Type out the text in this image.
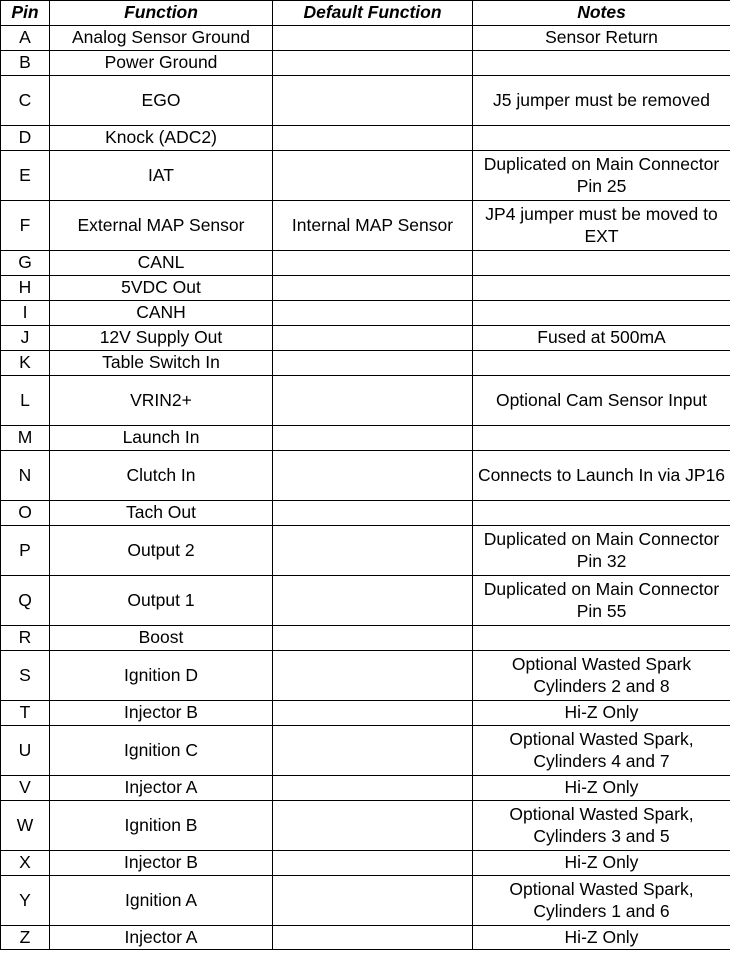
Pin	Function	Default Function	Notes
A	Analog Sensor Ground		Sensor Return
B	Power Ground		
C	EGO		J5 jumper must be removed
D	Knock (ADC2)		
E	IAT		Duplicated on Main Connector Pin 25
F	External MAP Sensor	Internal MAP Sensor	JP4 jumper must be moved to EXT
G	CANL		
H	5VDC Out		
I	CANH		
J	12V Supply Out		Fused at 500mA
K	Table Switch In		
L	VRIN2+		Optional Cam Sensor Input
M	Launch In		
N	Clutch In		Connects to Launch In via JP16
O	Tach Out		
P	Output 2		Duplicated on Main Connector Pin 32
Q	Output 1		Duplicated on Main Connector Pin 55
R	Boost		
S	Ignition D		Optional Wasted Spark Cylinders 2 and 8
T	Injector B		Hi-Z Only
U	Ignition C		Optional Wasted Spark, Cylinders 4 and 7
V	Injector A		Hi-Z Only
W	Ignition B		Optional Wasted Spark, Cylinders 3 and 5
X	Injector B		Hi-Z Only
Y	Ignition A		Optional Wasted Spark, Cylinders 1 and 6
Z	Injector A		Hi-Z Only
